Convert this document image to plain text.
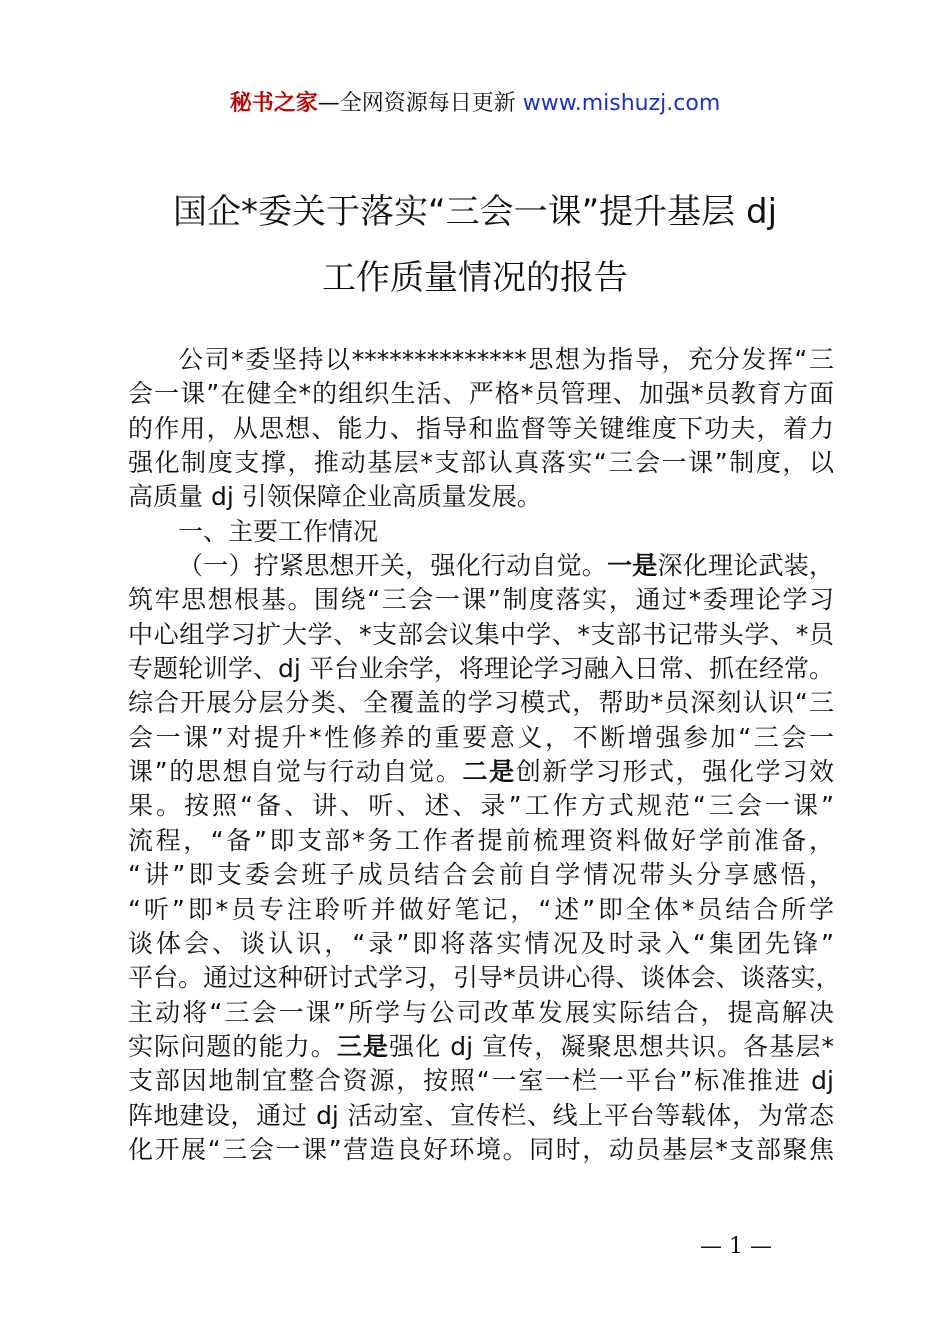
秘书之家—全网资源每日更新 www.mishuzj.com
国企*委关于落实“三会一课”提升基层 dj
工作质量情况的报告
公司*委坚持以**************思想为指导，充分发挥“三
会一课”在健全*的组织生活、严格*员管理、加强*员教育方面
的作用，从思想、能力、指导和监督等关键维度下功夫，着力
强化制度支撑，推动基层*支部认真落实“三会一课”制度，以
高质量 dj 引领保障企业高质量发展。
一、主要工作情况
（一）拧紧思想开关，强化行动自觉。一是深化理论武装，
筑牢思想根基。围绕“三会一课”制度落实，通过*委理论学习
中心组学习扩大学、*支部会议集中学、*支部书记带头学、*员
专题轮训学、dj 平台业余学，将理论学习融入日常、抓在经常。
综合开展分层分类、全覆盖的学习模式，帮助*员深刻认识“三
会一课”对提升*性修养的重要意义，不断增强参加“三会一
课”的思想自觉与行动自觉。二是创新学习形式，强化学习效
果。按照“备、讲、听、述、录”工作方式规范“三会一课”
流程，“备”即支部*务工作者提前梳理资料做好学前准备，
“讲”即支委会班子成员结合会前自学情况带头分享感悟，
“听”即*员专注聆听并做好笔记，“述”即全体*员结合所学
谈体会、谈认识，“录”即将落实情况及时录入“集团先锋”
平台。通过这种研讨式学习，引导*员讲心得、谈体会、谈落实，
主动将“三会一课”所学与公司改革发展实际结合，提高解决
实际问题的能力。三是强化 dj 宣传，凝聚思想共识。各基层*
支部因地制宜整合资源，按照“一室一栏一平台”标准推进 dj
阵地建设，通过 dj 活动室、宣传栏、线上平台等载体，为常态
化开展“三会一课”营造良好环境。同时，动员基层*支部聚焦
— 1 —
